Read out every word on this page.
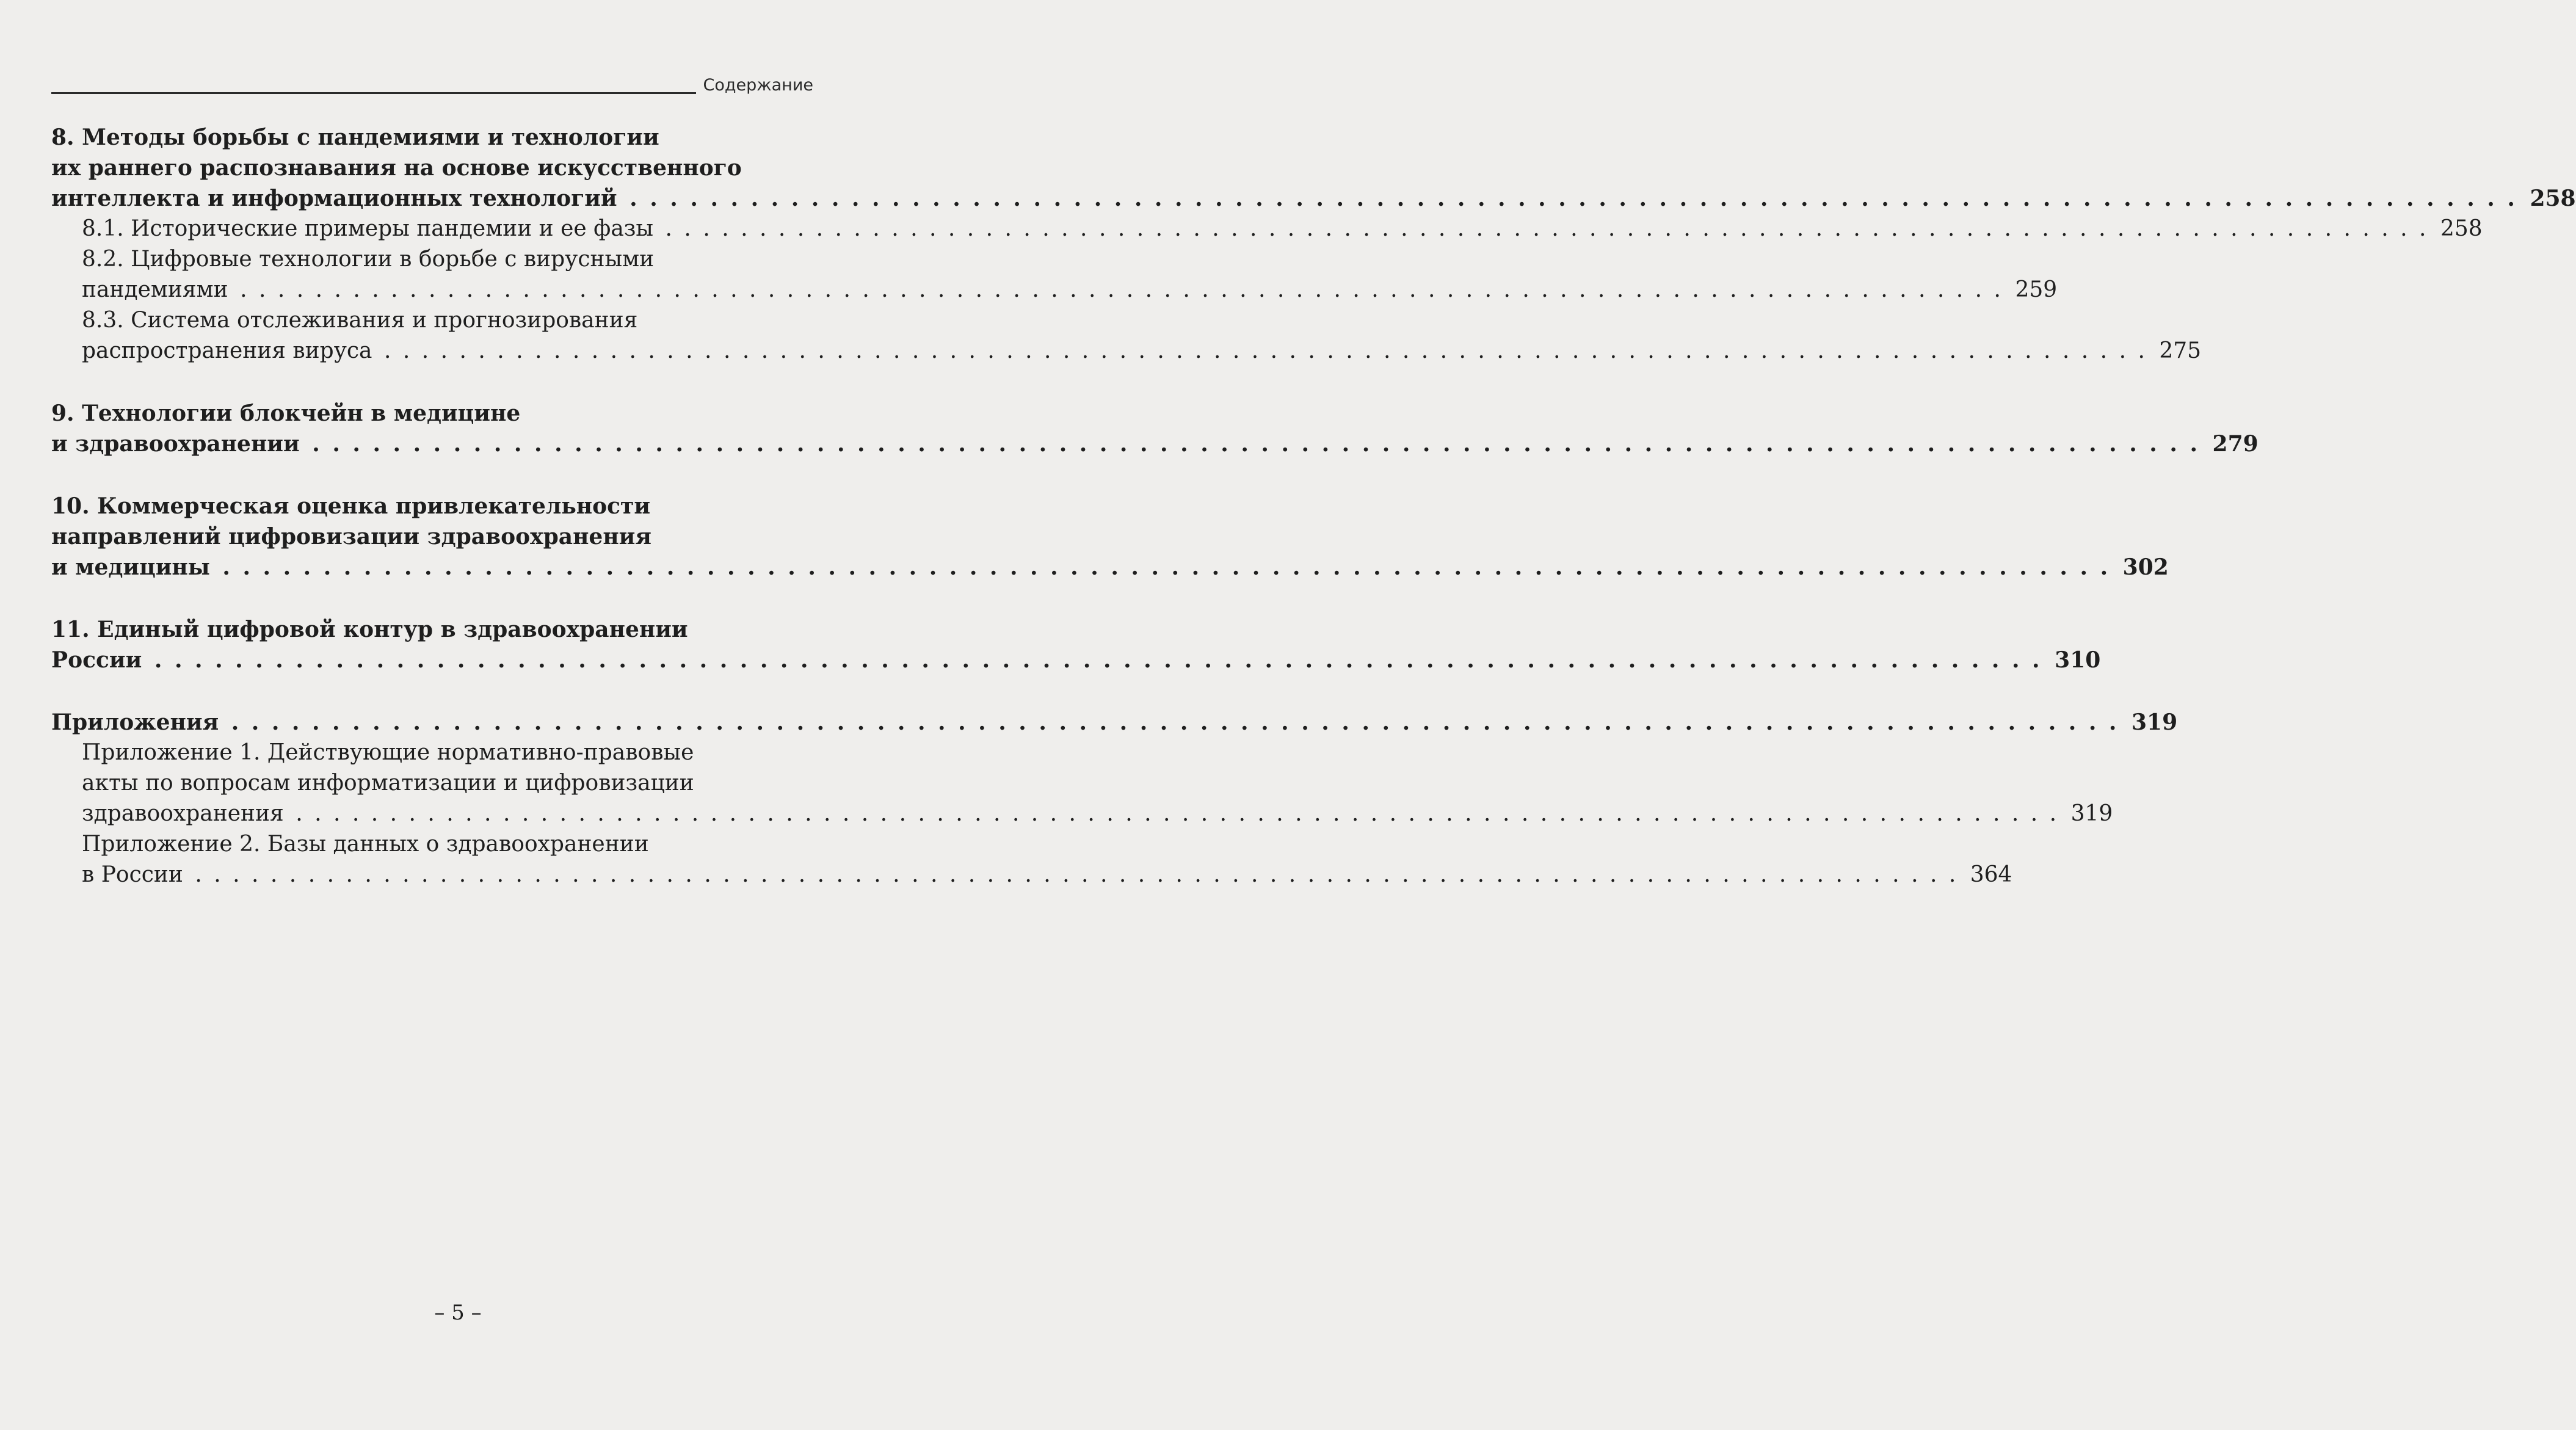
Содержание
8. Методы борьбы с пандемиями и технологии
их раннего распознавания на основе искусственного
интеллекта и информационных технологий . . .	258
8.1. Исторические примеры пандемии и ее фазы . . .	258
8.2. Цифровые технологии в борьбе с вирусными
пандемиями . . .	259
8.3. Система отслеживания и прогнозирования
распространения вируса . . .	275
9. Технологии блокчейн в медицине
и здравоохранении . . .	279
10. Коммерческая оценка привлекательности
направлений цифровизации здравоохранения
и медицины . . .	302
11. Единый цифровой контур в здравоохранении
России . . .	310
Приложения . . .	319
Приложение 1. Действующие нормативно-правовые
акты по вопросам информатизации и цифровизации
здравоохранения . . .	319
Приложение 2. Базы данных о здравоохранении
в России . . .	364
– 5 –
